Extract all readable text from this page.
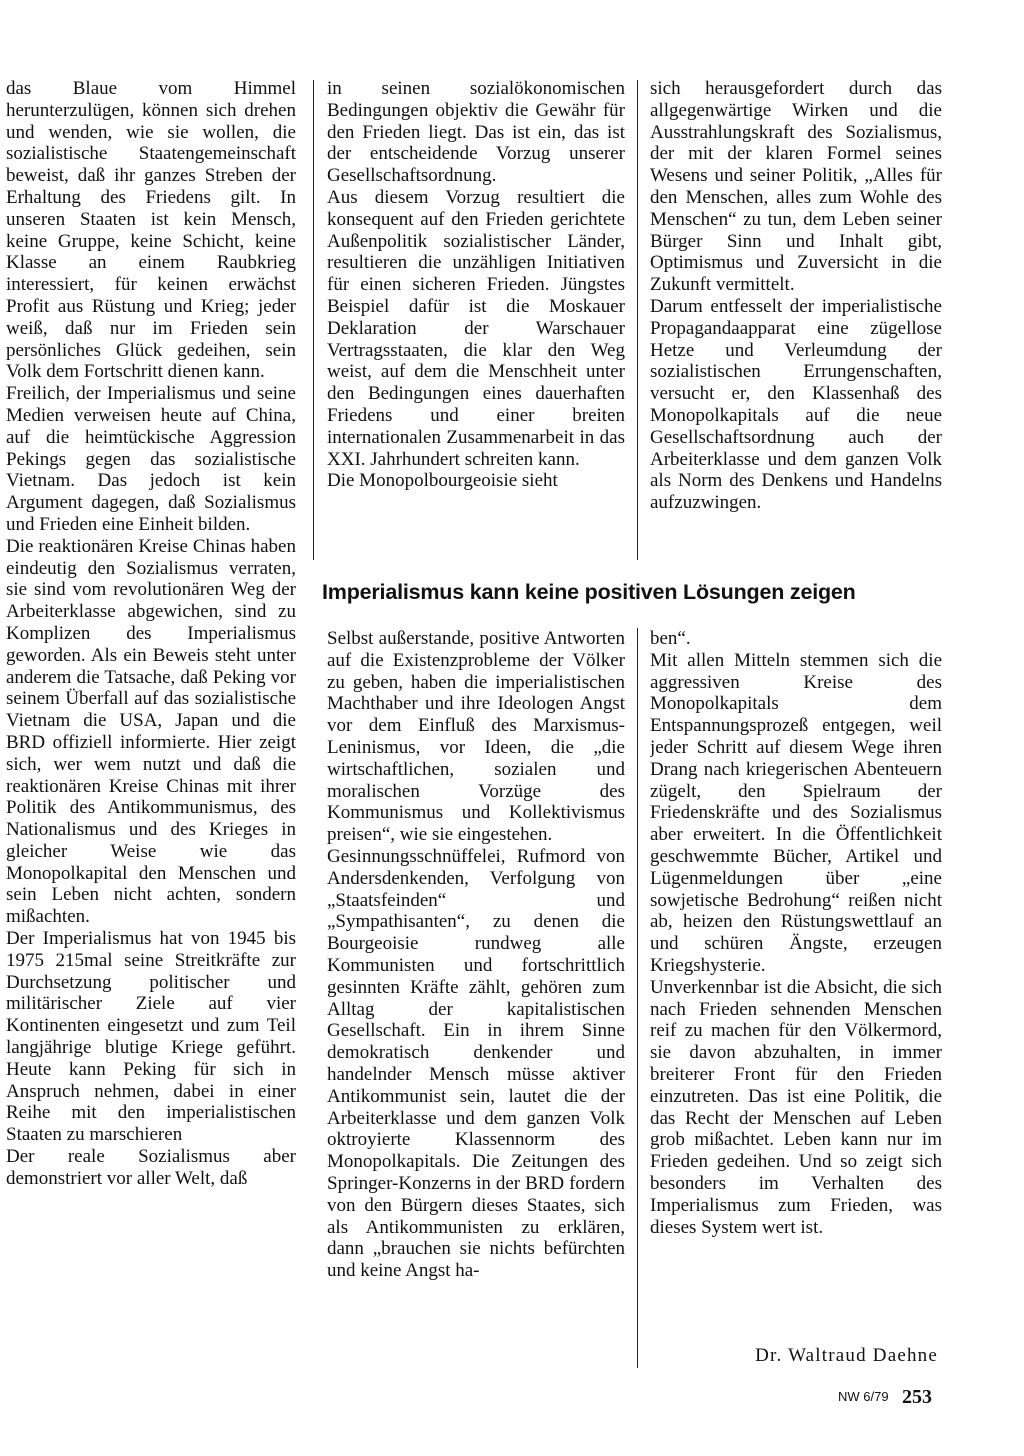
das Blaue vom Himmel herunterzulügen, können sich drehen und wenden, wie sie wollen, die sozialistische Staatengemeinschaft beweist, daß ihr ganzes Streben der Erhaltung des Friedens gilt. In unseren Staaten ist kein Mensch, keine Gruppe, keine Schicht, keine Klasse an einem Raubkrieg interessiert, für keinen erwächst Profit aus Rüstung und Krieg; jeder weiß, daß nur im Frieden sein persönliches Glück gedeihen, sein Volk dem Fortschritt dienen kann.

Freilich, der Imperialismus und seine Medien verweisen heute auf China, auf die heimtückische Aggression Pekings gegen das sozialistische Vietnam. Das jedoch ist kein Argument dagegen, daß Sozialismus und Frieden eine Einheit bilden.

Die reaktionären Kreise Chinas haben eindeutig den Sozialismus verraten, sie sind vom revolutionären Weg der Arbeiterklasse abgewichen, sind zu Komplizen des Imperialismus geworden. Als ein Beweis steht unter anderem die Tatsache, daß Peking vor seinem Überfall auf das sozialistische Vietnam die USA, Japan und die BRD offiziell informierte. Hier zeigt sich, wer wem nutzt und daß die reaktionären Kreise Chinas mit ihrer Politik des Antikommunismus, des Nationalismus und des Krieges in gleicher Weise wie das Monopolkapital den Menschen und sein Leben nicht achten, sondern mißachten.

Der Imperialismus hat von 1945 bis 1975 215mal seine Streitkräfte zur Durchsetzung politischer und militärischer Ziele auf vier Kontinenten eingesetzt und zum Teil langjährige blutige Kriege geführt. Heute kann Peking für sich in Anspruch nehmen, dabei in einer Reihe mit den imperialistischen Staaten zu marschieren

Der reale Sozialismus aber demonstriert vor aller Welt, daß

in seinen sozialökonomischen Bedingungen objektiv die Gewähr für den Frieden liegt. Das ist ein, das ist der entscheidende Vorzug unserer Gesellschaftsordnung.

Aus diesem Vorzug resultiert die konsequent auf den Frieden gerichtete Außenpolitik sozialistischer Länder, resultieren die unzähligen Initiativen für einen sicheren Frieden. Jüngstes Beispiel dafür ist die Moskauer Deklaration der Warschauer Vertragsstaaten, die klar den Weg weist, auf dem die Menschheit unter den Bedingungen eines dauerhaften Friedens und einer breiten internationalen Zusammenarbeit in das XXI. Jahrhundert schreiten kann.

Die Monopolbourgeoisie sieht

sich herausgefordert durch das allgegenwärtige Wirken und die Ausstrahlungskraft des Sozialismus, der mit der klaren Formel seines Wesens und seiner Politik, „Alles für den Menschen, alles zum Wohle des Menschen“ zu tun, dem Leben seiner Bürger Sinn und Inhalt gibt, Optimismus und Zuversicht in die Zukunft vermittelt.

Darum entfesselt der imperialistische Propagandaapparat eine zügellose Hetze und Verleumdung der sozialistischen Errungenschaften, versucht er, den Klassenhaß des Monopolkapitals auf die neue Gesellschaftsordnung auch der Arbeiterklasse und dem ganzen Volk als Norm des Denkens und Handelns aufzuzwingen.

Imperialismus kann keine positiven Lösungen zeigen

Selbst außerstande, positive Antworten auf die Existenzprobleme der Völker zu geben, haben die imperialistischen Machthaber und ihre Ideologen Angst vor dem Einfluß des Marxismus-Leninismus, vor Ideen, die „die wirtschaftlichen, sozialen und moralischen Vorzüge des Kommunismus und Kollektivismus preisen“, wie sie eingestehen.

Gesinnungsschnüffelei, Rufmord von Andersdenkenden, Verfolgung von „Staatsfeinden“ und „Sympathisanten“, zu denen die Bourgeoisie rundweg alle Kommunisten und fortschrittlich gesinnten Kräfte zählt, gehören zum Alltag der kapitalistischen Gesellschaft. Ein in ihrem Sinne demokratisch denkender und handelnder Mensch müsse aktiver Antikommunist sein, lautet die der Arbeiterklasse und dem ganzen Volk oktroyierte Klassennorm des Monopolkapitals. Die Zeitungen des Springer-Konzerns in der BRD fordern von den Bürgern dieses Staates, sich als Antikommunisten zu erklären, dann „brauchen sie nichts befürchten und keine Angst ha-

ben“.

Mit allen Mitteln stemmen sich die aggressiven Kreise des Monopolkapitals dem Entspannungsprozeß entgegen, weil jeder Schritt auf diesem Wege ihren Drang nach kriegerischen Abenteuern zügelt, den Spielraum der Friedenskräfte und des Sozialismus aber erweitert. In die Öffentlichkeit geschwemmte Bücher, Artikel und Lügenmeldungen über „eine sowjetische Bedrohung“ reißen nicht ab, heizen den Rüstungswettlauf an und schüren Ängste, erzeugen Kriegshysterie.

Unverkennbar ist die Absicht, die sich nach Frieden sehnenden Menschen reif zu machen für den Völkermord, sie davon abzuhalten, in immer breiterer Front für den Frieden einzutreten. Das ist eine Politik, die das Recht der Menschen auf Leben grob mißachtet. Leben kann nur im Frieden gedeihen. Und so zeigt sich besonders im Verhalten des Imperialismus zum Frieden, was dieses System wert ist.

Dr. Waltraud Daehne
NW 6/79 253
